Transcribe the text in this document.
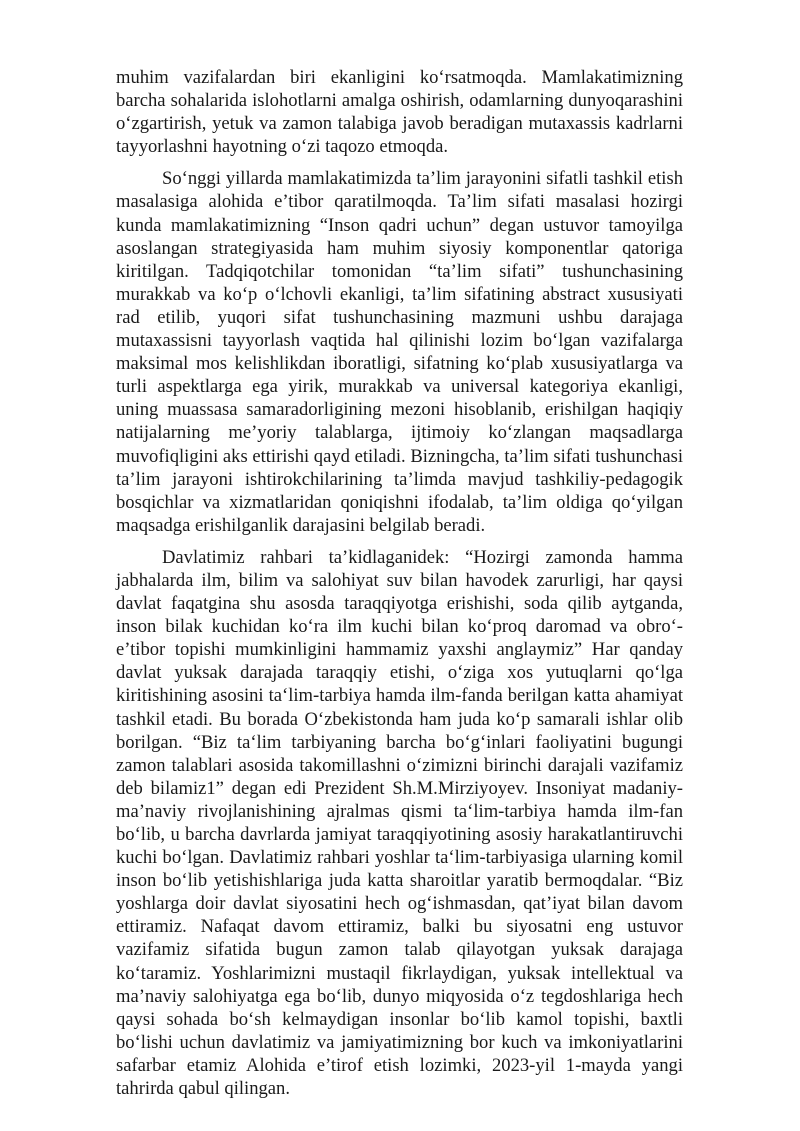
muhim vazifalardan biri ekanligini ko‘rsatmoqda. Mamlakatimizning barcha sohalarida islohotlarni amalga oshirish, odamlarning dunyoqarashini o‘zgartirish, yetuk va zamon talabiga javob beradigan mutaxassis kadrlarni tayyorlashni hayotning o‘zi taqozo etmoqda.

So‘nggi yillarda mamlakatimizda ta’lim jarayonini sifatli tashkil etish masalasiga alohida e’tibor qaratilmoqda. Ta’lim sifati masalasi hozirgi kunda mamlakatimizning “Inson qadri uchun” degan ustuvor tamoyilga asoslangan strategiyasida ham muhim siyosiy komponentlar qatoriga kiritilgan. Tadqiqotchilar tomonidan “ta’lim sifati” tushunchasining murakkab va ko‘p o‘lchovli ekanligi, ta’lim sifatining abstract xususiyati rad etilib, yuqori sifat tushunchasining mazmuni ushbu darajaga mutaxassisni tayyorlash vaqtida hal qilinishi lozim bo‘lgan vazifalarga maksimal mos kelishlikdan iboratligi, sifatning ko‘plab xususiyatlarga va turli aspektlarga ega yirik, murakkab va universal kategoriya ekanligi, uning muassasa samaradorligining mezoni hisoblanib, erishilgan haqiqiy natijalarning me’yoriy talablarga, ijtimoiy ko‘zlangan maqsadlarga muvofiqligini aks ettirishi qayd etiladi. Bizningcha, ta’lim sifati tushunchasi ta’lim jarayoni ishtirokchilarining ta’limda mavjud tashkiliy-pedagogik bosqichlar va xizmatlaridan qoniqishni ifodalab, ta’lim oldiga qo‘yilgan maqsadga erishilganlik darajasini belgilab beradi.

Davlatimiz rahbari ta’kidlaganidek: “Hozirgi zamonda hamma jabhalarda ilm, bilim va salohiyat suv bilan havodek zarurligi, har qaysi davlat faqatgina shu asosda taraqqiyotga erishishi, soda qilib aytganda, inson bilak kuchidan ko‘ra ilm kuchi bilan ko‘proq daromad va obro‘- e’tibor topishi mumkinligini hammamiz yaxshi anglaymiz” Har qanday davlat yuksak darajada taraqqiy etishi, o‘ziga xos yutuqlarni qo‘lga kiritishining asosini ta‘lim-tarbiya hamda ilm-fanda berilgan katta ahamiyat tashkil etadi. Bu borada O‘zbekistonda ham juda ko‘p samarali ishlar olib borilgan. “Biz ta‘lim tarbiyaning barcha bo‘g‘inlari faoliyatini bugungi zamon talablari asosida takomillashni o‘zimizni birinchi darajali vazifamiz deb bilamiz1” degan edi Prezident Sh.M.Mirziyoyev. Insoniyat madaniy-ma’naviy rivojlanishining ajralmas qismi ta‘lim-tarbiya hamda ilm-fan bo‘lib, u barcha davrlarda jamiyat taraqqiyotining asosiy harakatlantiruvchi kuchi bo‘lgan. Davlatimiz rahbari yoshlar ta‘lim-tarbiyasiga ularning komil inson bo‘lib yetishishlariga juda katta sharoitlar yaratib bermoqdalar. “Biz yoshlarga doir davlat siyosatini hech og‘ishmasdan, qat’iyat bilan davom ettiramiz. Nafaqat davom ettiramiz, balki bu siyosatni eng ustuvor vazifamiz sifatida bugun zamon talab qilayotgan yuksak darajaga ko‘taramiz. Yoshlarimizni mustaqil fikrlaydigan, yuksak intellektual va ma’naviy salohiyatga ega bo‘lib, dunyo miqyosida o‘z tegdoshlariga hech qaysi sohada bo‘sh kelmaydigan insonlar bo‘lib kamol topishi, baxtli bo‘lishi uchun davlatimiz va jamiyatimizning bor kuch va imkoniyatlarini safarbar etamiz Alohida e’tirof etish lozimki, 2023-yil 1-mayda yangi tahrirda qabul qilingan.
